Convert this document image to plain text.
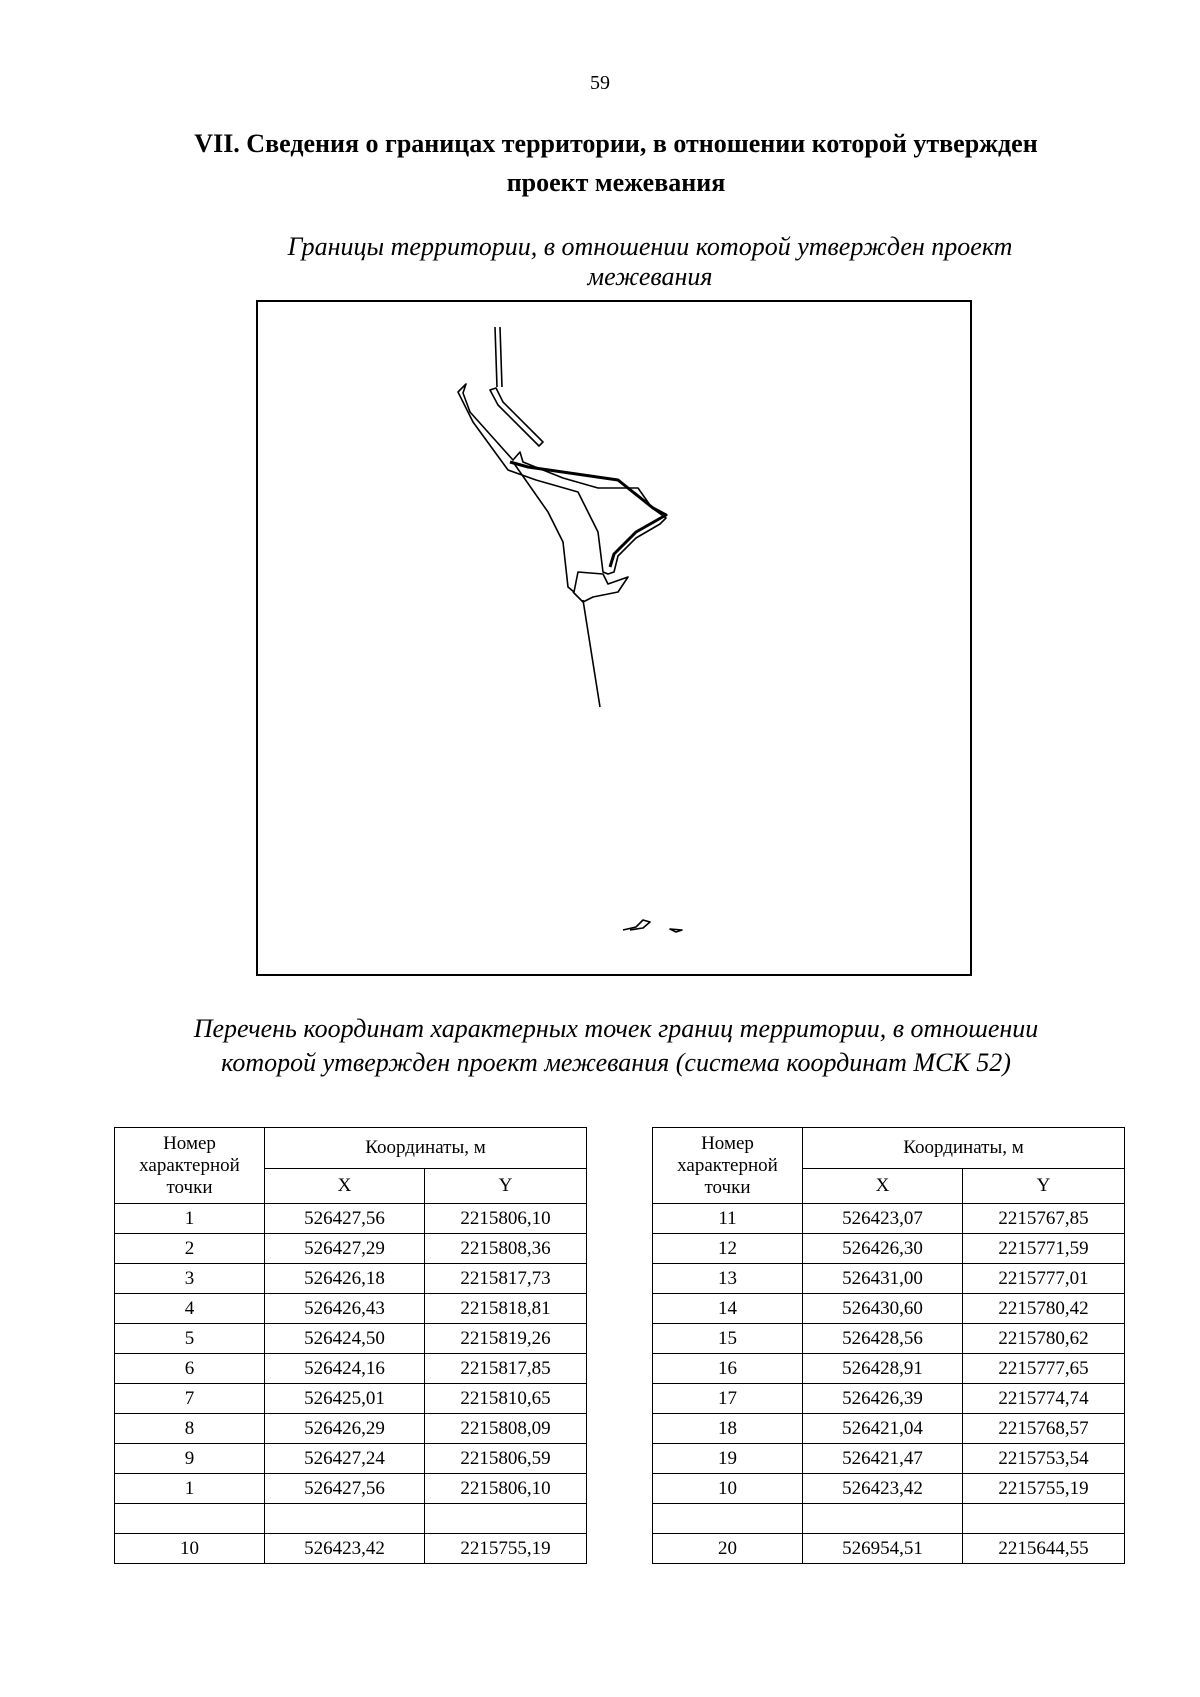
59
VII. Сведения о границах территории, в отношении которой утвержден
проект межевания
Границы территории, в отношении которой утвержден проект
межевания
Перечень координат характерных точек границ территории, в отношении
которой утвержден проект межевания (система координат МСК 52)
Номер
характерной
точки	Координаты, м	
	X	Y
1	526427,56	2215806,10
2	526427,29	2215808,36
3	526426,18	2215817,73
4	526426,43	2215818,81
5	526424,50	2215819,26
6	526424,16	2215817,85
7	526425,01	2215810,65
8	526426,29	2215808,09
9	526427,24	2215806,59
1	526427,56	2215806,10

10	526423,42	2215755,19
Номер
характерной
точки	Координаты, м	
	X	Y
11	526423,07	2215767,85
12	526426,30	2215771,59
13	526431,00	2215777,01
14	526430,60	2215780,42
15	526428,56	2215780,62
16	526428,91	2215777,65
17	526426,39	2215774,74
18	526421,04	2215768,57
19	526421,47	2215753,54
10	526423,42	2215755,19

20	526954,51	2215644,55
